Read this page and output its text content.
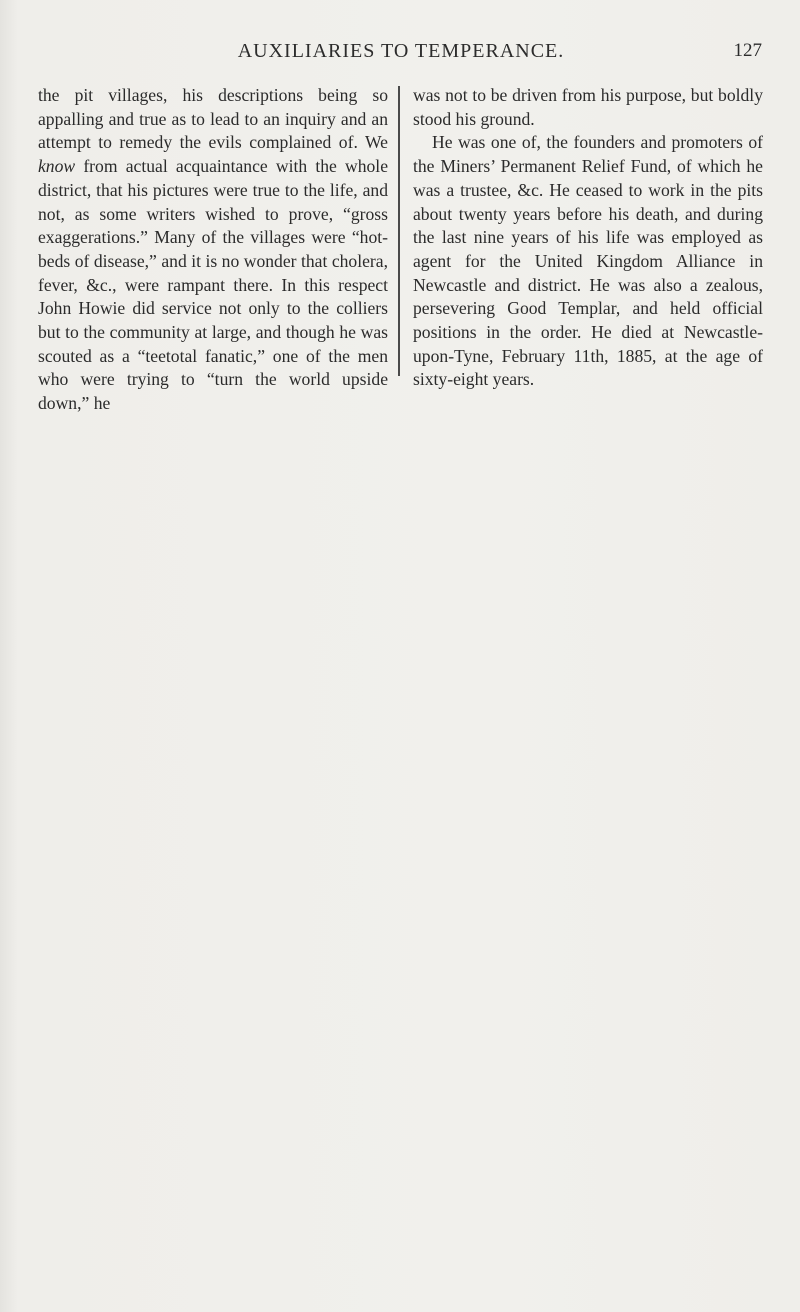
AUXILIARIES TO TEMPERANCE.	127

the pit villages, his descriptions being so appalling and true as to lead to an inquiry and an attempt to remedy the evils complained of. We know from actual acquaintance with the whole district, that his pictures were true to the life, and not, as some writers wished to prove, “gross exaggerations.” Many of the villages were “hot-beds of disease,” and it is no wonder that cholera, fever, &c., were rampant there. In this respect John Howie did service not only to the colliers but to the community at large, and though he was scouted as a “teetotal fanatic,” one of the men who were trying to “turn the world upside down,” he

was not to be driven from his purpose, but boldly stood his ground.

He was one of, the founders and promoters of the Miners’ Permanent Relief Fund, of which he was a trustee, &c. He ceased to work in the pits about twenty years before his death, and during the last nine years of his life was employed as agent for the United Kingdom Alliance in Newcastle and district. He was also a zealous, persevering Good Templar, and held official positions in the order. He died at Newcastle-upon-Tyne, February 11th, 1885, at the age of sixty-eight years.
